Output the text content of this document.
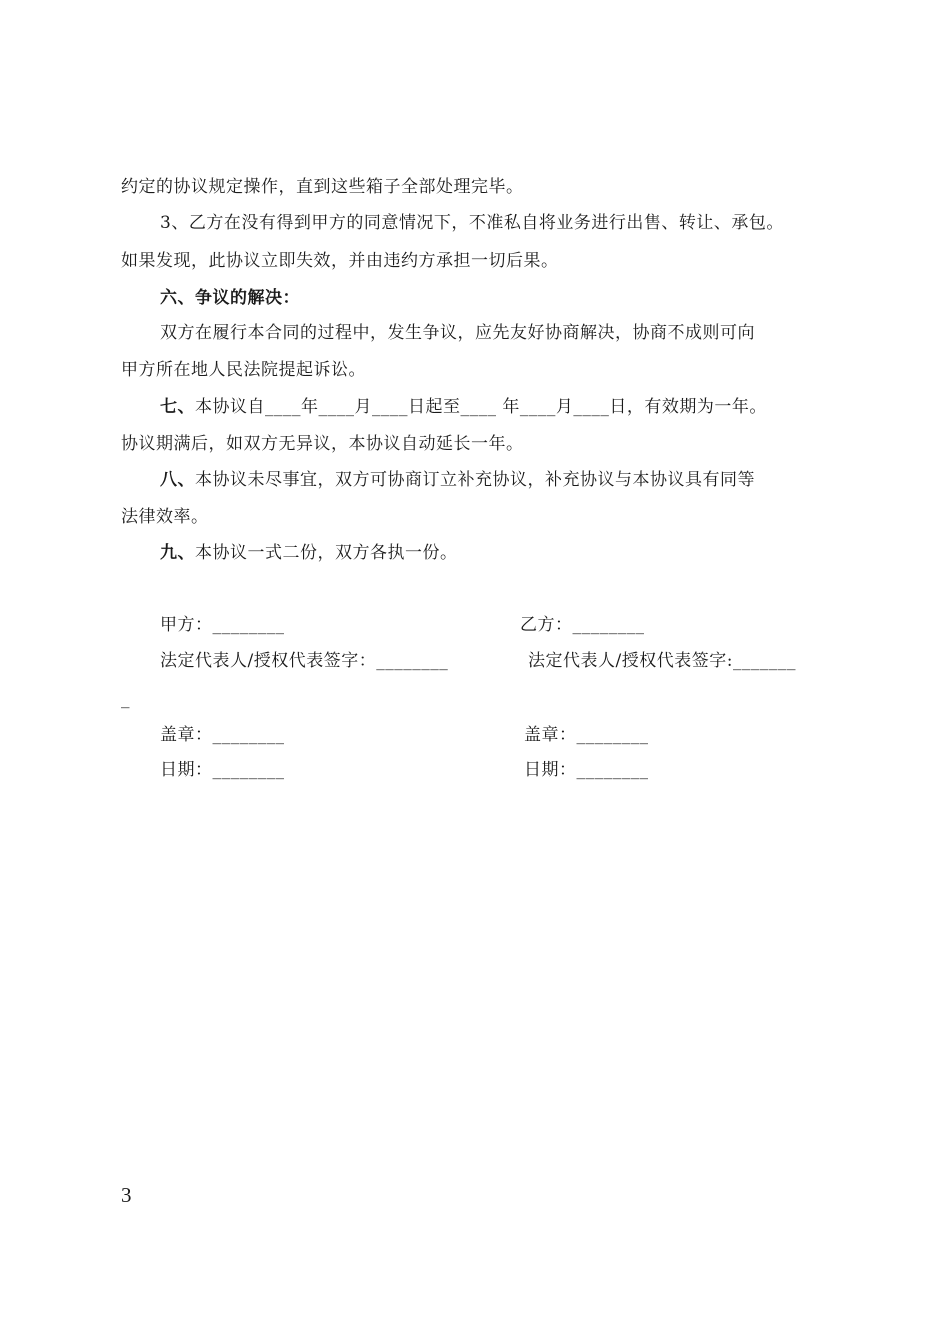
约定的协议规定操作，直到这些箱子全部处理完毕。
3、乙方在没有得到甲方的同意情况下，不准私自将业务进行出售、转让、承包。
如果发现，此协议立即失效，并由违约方承担一切后果。
六、争议的解决：
双方在履行本合同的过程中，发生争议，应先友好协商解决，协商不成则可向
甲方所在地人民法院提起诉讼。
七、本协议自____年____月____日起至____ 年____月____日，有效期为一年。
协议期满后，如双方无异议，本协议自动延长一年。
八、本协议未尽事宜，双方可协商订立补充协议，补充协议与本协议具有同等
法律效率。
九、本协议一式二份，双方各执一份。
甲方：________	乙方：________
法定代表人/授权代表签字：________	法定代表人/授权代表签字:_______
_
盖章：________	盖章：________
日期：________	日期：________
3
